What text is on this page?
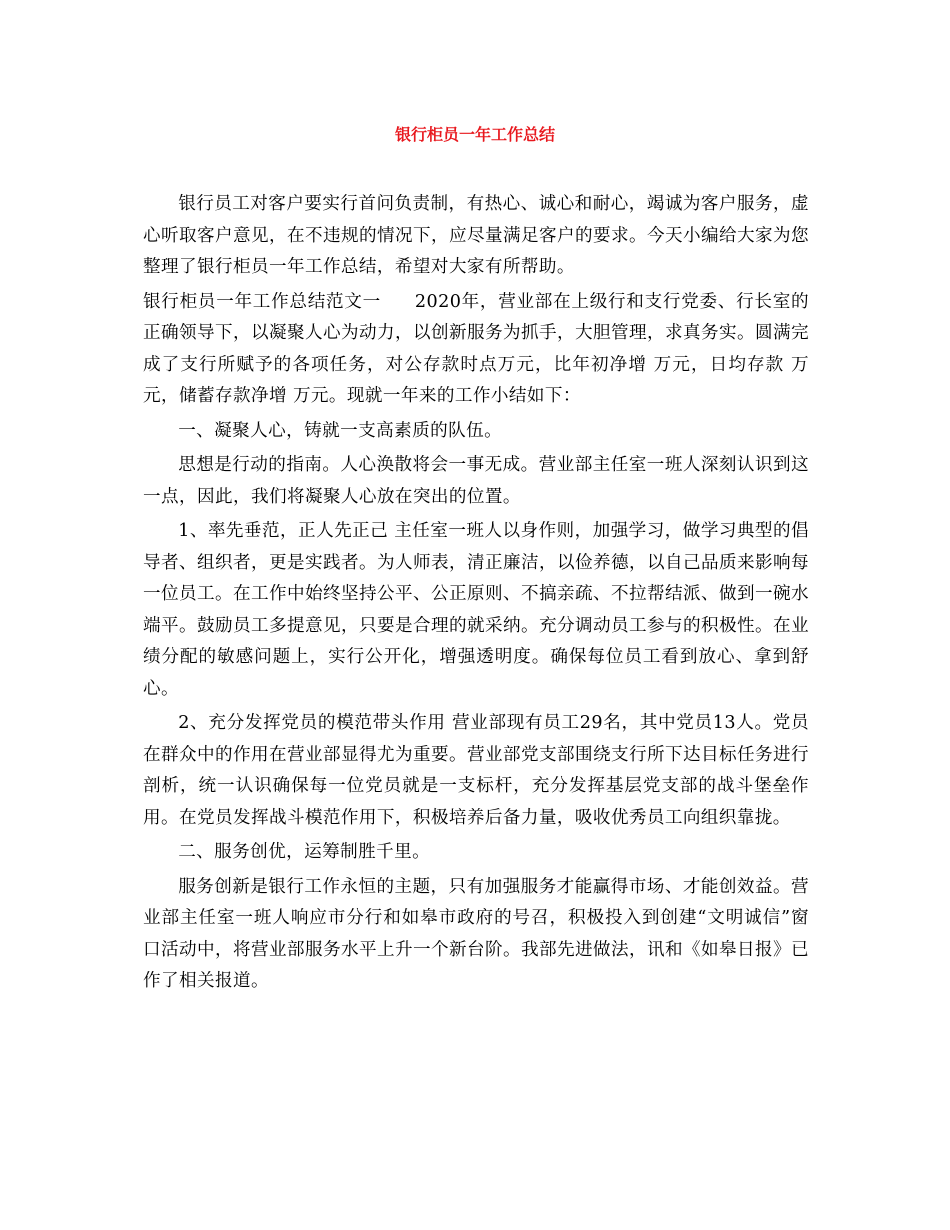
银行柜员一年工作总结

银行员工对客户要实行首问负责制，有热心、诚心和耐心，竭诚为客户服务，虚心听取客户意见，在不违规的情况下，应尽量满足客户的要求。今天小编给大家为您整理了银行柜员一年工作总结，希望对大家有所帮助。

银行柜员一年工作总结范文一 2020年，营业部在上级行和支行党委、行长室的正确领导下，以凝聚人心为动力，以创新服务为抓手，大胆管理，求真务实。圆满完成了支行所赋予的各项任务，对公存款时点万元，比年初净增 万元，日均存款 万元，储蓄存款净增 万元。现就一年来的工作小结如下：

一、凝聚人心，铸就一支高素质的队伍。

思想是行动的指南。人心涣散将会一事无成。营业部主任室一班人深刻认识到这一点，因此，我们将凝聚人心放在突出的位置。

1、率先垂范，正人先正己 主任室一班人以身作则，加强学习，做学习典型的倡导者、组织者，更是实践者。为人师表，清正廉洁，以俭养德，以自己品质来影响每一位员工。在工作中始终坚持公平、公正原则、不搞亲疏、不拉帮结派、做到一碗水端平。鼓励员工多提意见，只要是合理的就采纳。充分调动员工参与的积极性。在业绩分配的敏感问题上，实行公开化，增强透明度。确保每位员工看到放心、拿到舒心。

2、充分发挥党员的模范带头作用 营业部现有员工29名，其中党员13人。党员在群众中的作用在营业部显得尤为重要。营业部党支部围绕支行所下达目标任务进行剖析，统一认识确保每一位党员就是一支标杆，充分发挥基层党支部的战斗堡垒作用。在党员发挥战斗模范作用下，积极培养后备力量，吸收优秀员工向组织靠拢。

二、服务创优，运筹制胜千里。

服务创新是银行工作永恒的主题，只有加强服务才能赢得市场、才能创效益。营业部主任室一班人响应市分行和如皋市政府的号召，积极投入到创建“文明诚信”窗口活动中，将营业部服务水平上升一个新台阶。我部先进做法，讯和《如皋日报》已作了相关报道。
